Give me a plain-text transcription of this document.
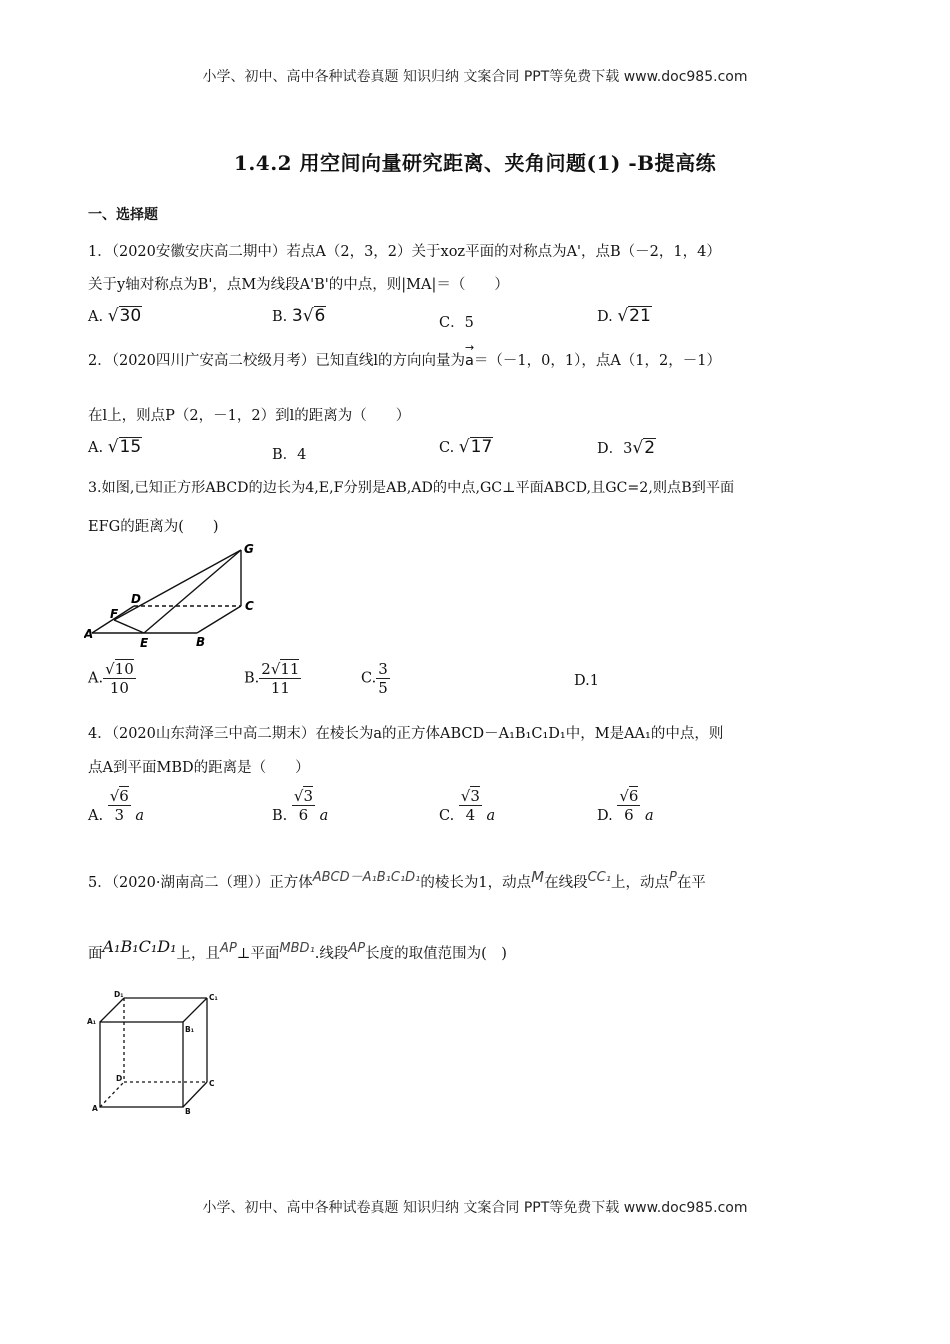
小学、初中、高中各种试卷真题 知识归纳 文案合同 PPT等免费下载 www.doc985.com
1.4.2 用空间向量研究距离、夹角问题(1) -B提高练
一、选择题
1．（2020安徽安庆高二期中）若点A（2，3，2）关于xoz平面的对称点为A'，点B（－2，1，4）
关于y轴对称点为B'，点M为线段A'B'的中点，则|MA|＝（　　）
A. √30	B. 3√6	C．5	D. √21
2．（2020四川广安高二校级月考）已知直线l的方向向量为
→
a＝（－1，0，1），点A（1，2，－1）
在l上，则点P（2，－1，2）到l的距离为（　　）
A. √15	B．4	C. √17	D．3√2
3.如图,已知正方形ABCD的边长为4,E,F分别是AB,AD的中点,GC⊥平面ABCD,且GC=2,则点B到平面
EFG的距离为(　　)
G
D	C
F
A
E	B
A. $\frac{√10}{10}$	B. $\frac{2√11}{11}$	C. $\frac{3}{5}$	D.1
4．（2020山东菏泽三中高二期末）在棱长为a的正方体ABCD－A₁B₁C₁D₁中，M是AA₁的中点，则
点A到平面MBD的距离是（　　）
A. $\frac{√6}{3}$ a	B. $\frac{√3}{6}$ a	C. $\frac{√3}{4}$ a	D. $\frac{√6}{6}$ a
5．（2020·湖南高二（理））正方体ABCD－A₁B₁C₁D₁的棱长为1，动点M在线段CC₁上，动点P在平
面A₁B₁C₁D₁上，且AP⊥平面MBD₁.线段AP长度的取值范围为(　)
D₁	C₁
A₁
B₁
D
C
A	B
小学、初中、高中各种试卷真题 知识归纳 文案合同 PPT等免费下载 www.doc985.com
